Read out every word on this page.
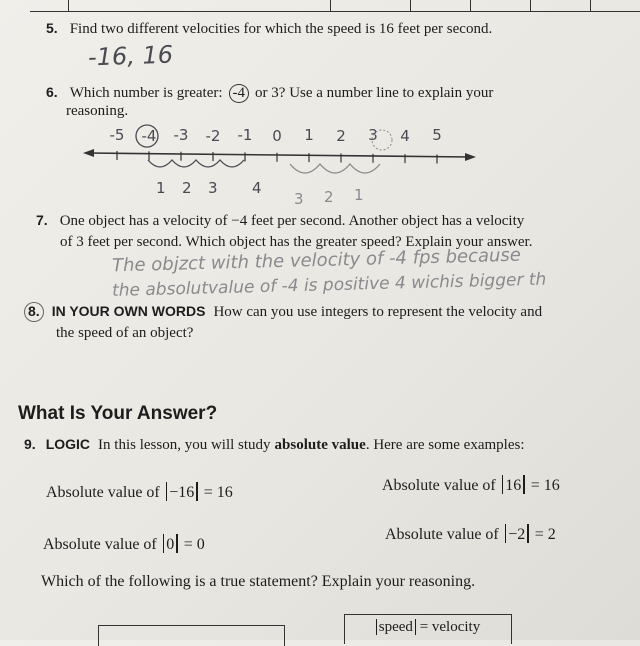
5. Find two different velocities for which the speed is 16 feet per second.
-16, 16
6. Which number is greater: -4 or 3? Use a number line to explain your
reasoning.
-5 -4 -3 -2 -1 0 1 2 3 4 5
1 2 3 4
3 2 1
7. One object has a velocity of −4 feet per second. Another object has a velocity
of 3 feet per second. Which object has the greater speed? Explain your answer.
The objzct with the velocity of -4 fps because
the absolutvalue of -4 is positive 4 wichis bigger th
8. IN YOUR OWN WORDS How can you use integers to represent the velocity and
the speed of an object?
What Is Your Answer?
9. LOGIC In this lesson, you will study absolute value. Here are some examples:
Absolute value of −16 = 16	Absolute value of 16 = 16
Absolute value of 0 = 0
Absolute value of −2 = 2
Which of the following is a true statement? Explain your reasoning.
speed = velocity
